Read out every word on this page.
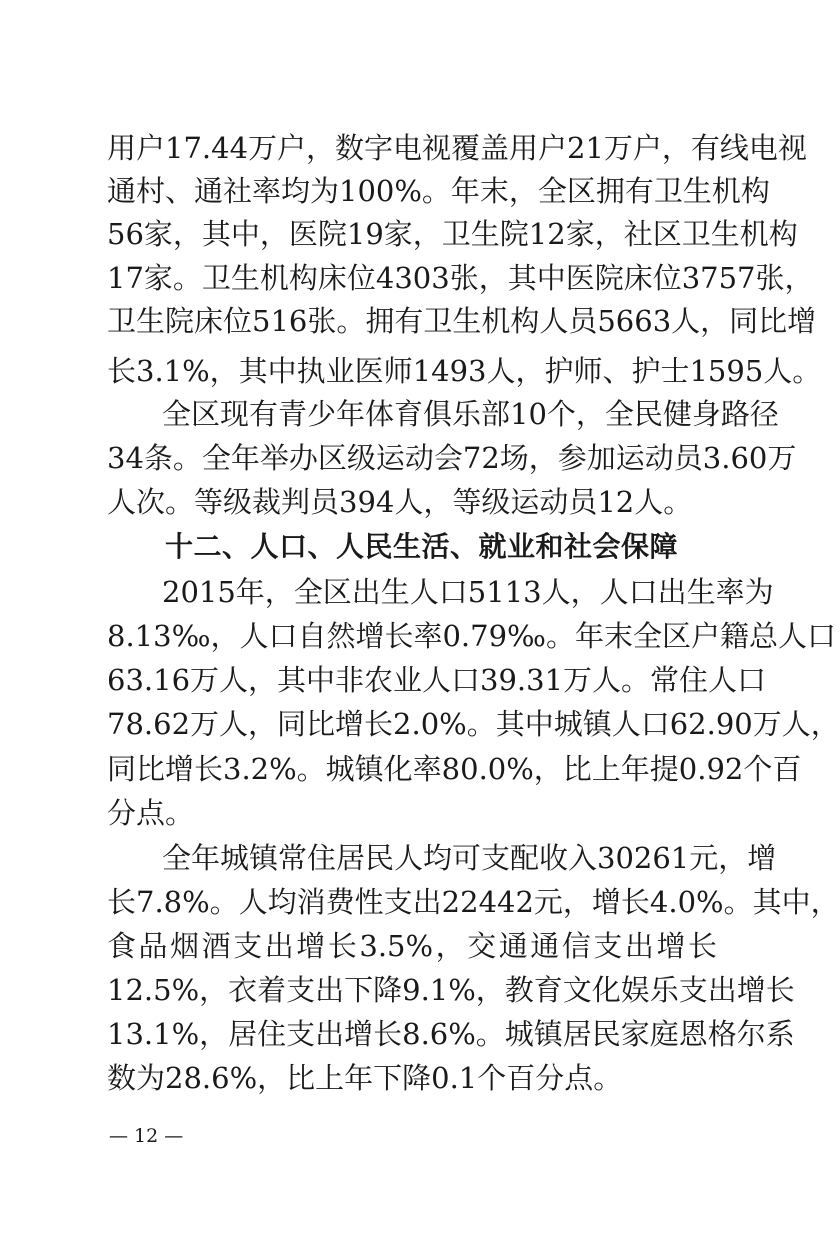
用户17.44万户，数字电视覆盖用户21万户，有线电视
通村、通社率均为100%。年末，全区拥有卫生机构
56家，其中，医院19家，卫生院12家，社区卫生机构
17家。卫生机构床位4303张，其中医院床位3757张，
卫生院床位516张。拥有卫生机构人员5663人，同比增
长3.1%，其中执业医师1493人，护师、护士1595人。
全区现有青少年体育俱乐部10个，全民健身路径
34条。全年举办区级运动会72场，参加运动员3.60万
人次。等级裁判员394人，等级运动员12人。
十二、人口、人民生活、就业和社会保障
2015年，全区出生人口5113人，人口出生率为
8.13‰，人口自然增长率0.79‰。年末全区户籍总人口
63.16万人，其中非农业人口39.31万人。常住人口
78.62万人，同比增长2.0%。其中城镇人口62.90万人，
同比增长3.2%。城镇化率80.0%，比上年提0.92个百
分点。
全年城镇常住居民人均可支配收入30261元，增
长7.8%。人均消费性支出22442元，增长4.0%。其中，
食品烟酒支出增长3.5%，交通通信支出增长
12.5%，衣着支出下降9.1%，教育文化娱乐支出增长
13.1%，居住支出增长8.6%。城镇居民家庭恩格尔系
数为28.6%，比上年下降0.1个百分点。
— 12 —
